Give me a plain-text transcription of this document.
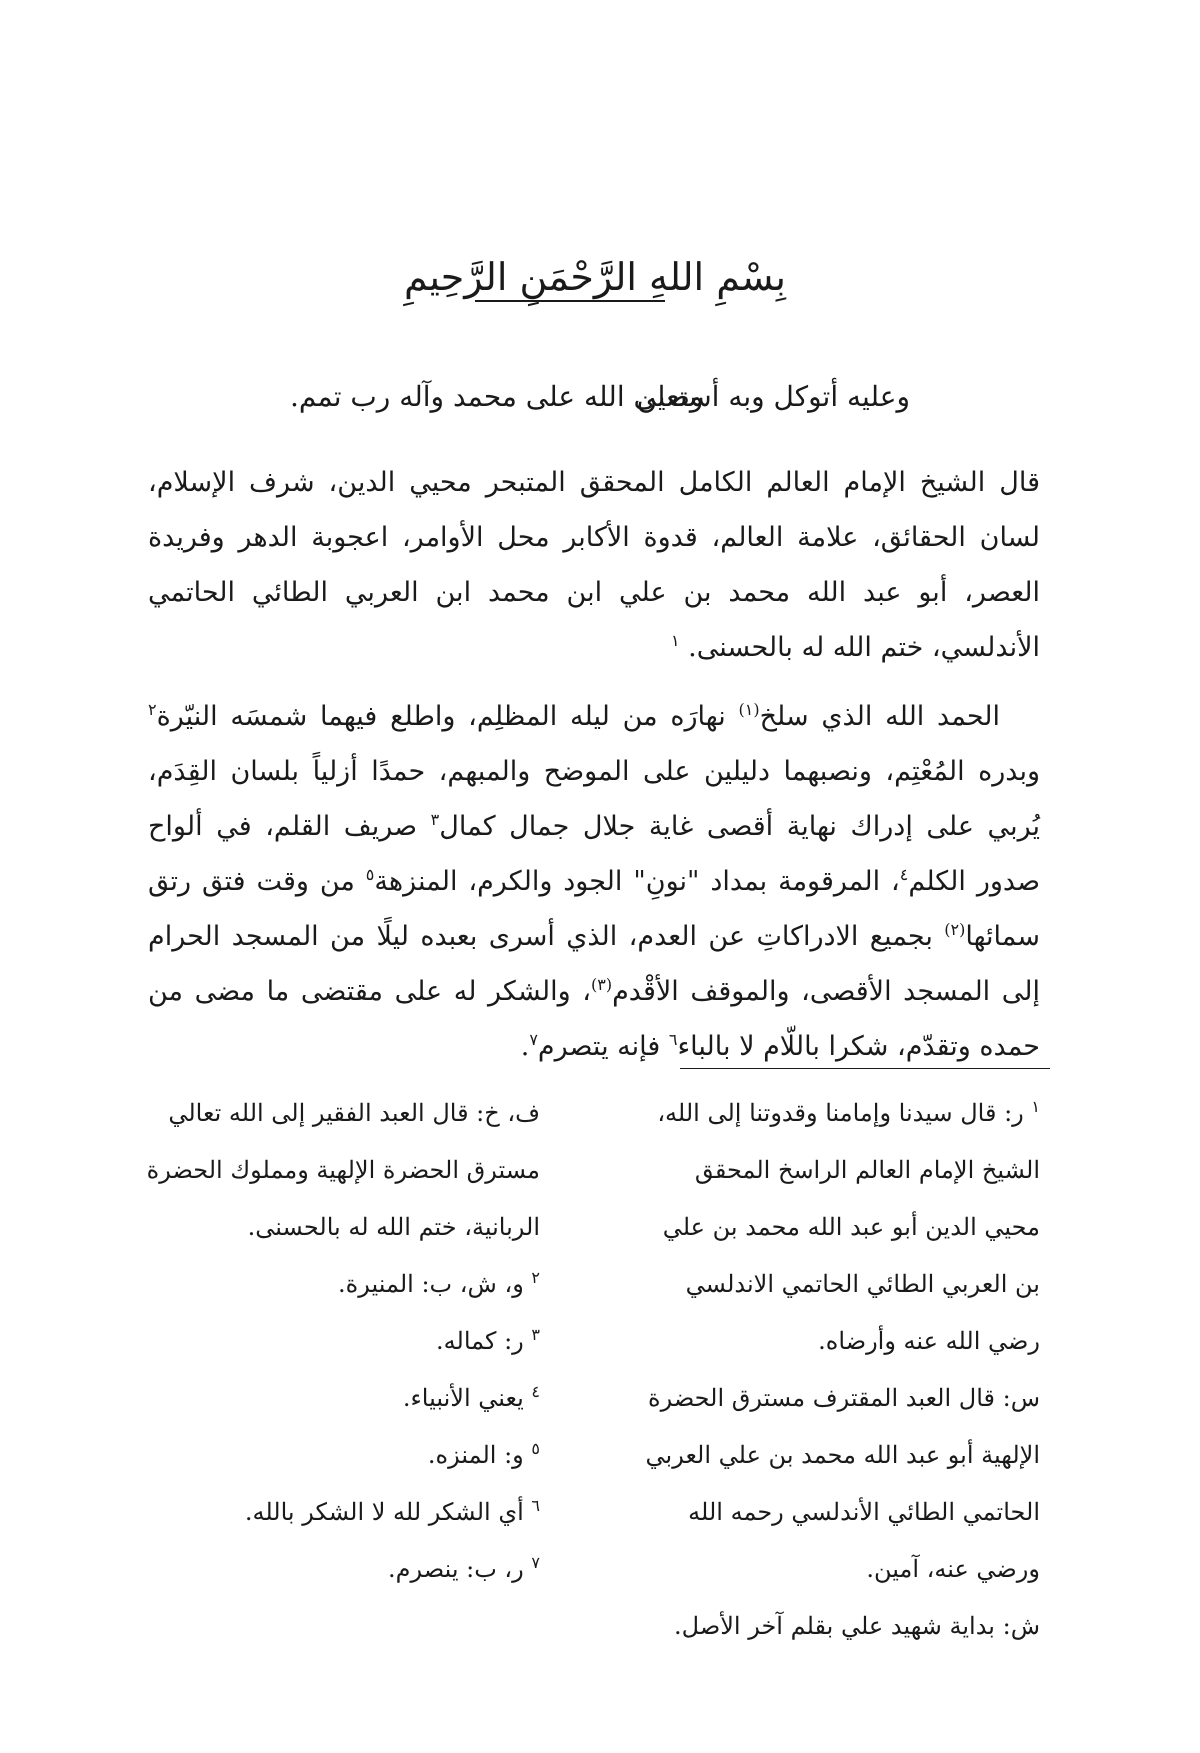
بِسْمِ اللهِ الرَّحْمَنِ الرَّحِيمِ
وعليه أتوكل وبه أستعين
وصلى الله على محمد وآله رب تمم.

قال الشيخ الإمام العالم الكامل المحقق المتبحر محيي الدين، شرف الإسلام، لسان الحقائق، علامة العالم، قدوة الأكابر محل الأوامر، اعجوبة الدهر وفريدة العصر، أبو عبد الله محمد بن علي ابن محمد ابن العربي الطائي الحاتمي الأندلسي، ختم الله له بالحسنى. $^١$

الحمد الله الذي سلخ$^{(١)}$ نهارَه من ليله المظلِم، واطلع فيهما شمسَه النيّرة$^٢$ وبدره المُعْتِم، ونصبهما دليلين على الموضح والمبهم، حمدًا أزلياً بلسان القِدَم، يُربي على إدراك نهاية أقصى غاية جلال جمال كمال$^٣$ صريف القلم، في ألواح صدور الكلم$^٤$، المرقومة بمداد "نونِ" الجود والكرم، المنزهة$^٥$ من وقت فتق رتق سمائها$^{(٢)}$ بجميع الادراكاتِ عن العدم، الذي أسرى بعبده ليلًا من المسجد الحرام إلى المسجد الأقصى، والموقف الأقْدم$^{(٣)}$، والشكر له على مقتضى ما مضى من حمده وتقدّم، شكرا باللّام لا بالباء$^٦$ فإنه يتصرم$^٧$.

$^١$ ر: قال سيدنا وإمامنا وقدوتنا إلى الله، الشيخ الإمام العالم الراسخ المحقق محيي الدين أبو عبد الله محمد بن علي بن العربي الطائي الحاتمي الاندلسي رضي الله عنه وأرضاه.

س: قال العبد المقترف مسترق الحضرة الإلهية أبو عبد الله محمد بن علي العربي الحاتمي الطائي الأندلسي رحمه الله ورضي عنه، آمين.

ش: بداية شهيد علي بقلم آخر الأصل.

ف، خ: قال العبد الفقير إلى الله تعالي مسترق الحضرة الإلهية ومملوك الحضرة الربانية، ختم الله له بالحسنى.

$^٢$ و، ش، ب: المنيرة.

$^٣$ ر: كماله.

$^٤$ يعني الأنبياء.

$^٥$ و: المنزه.

$^٦$ أي الشكر لله لا الشكر بالله.

$^٧$ ر، ب: ينصرم.
